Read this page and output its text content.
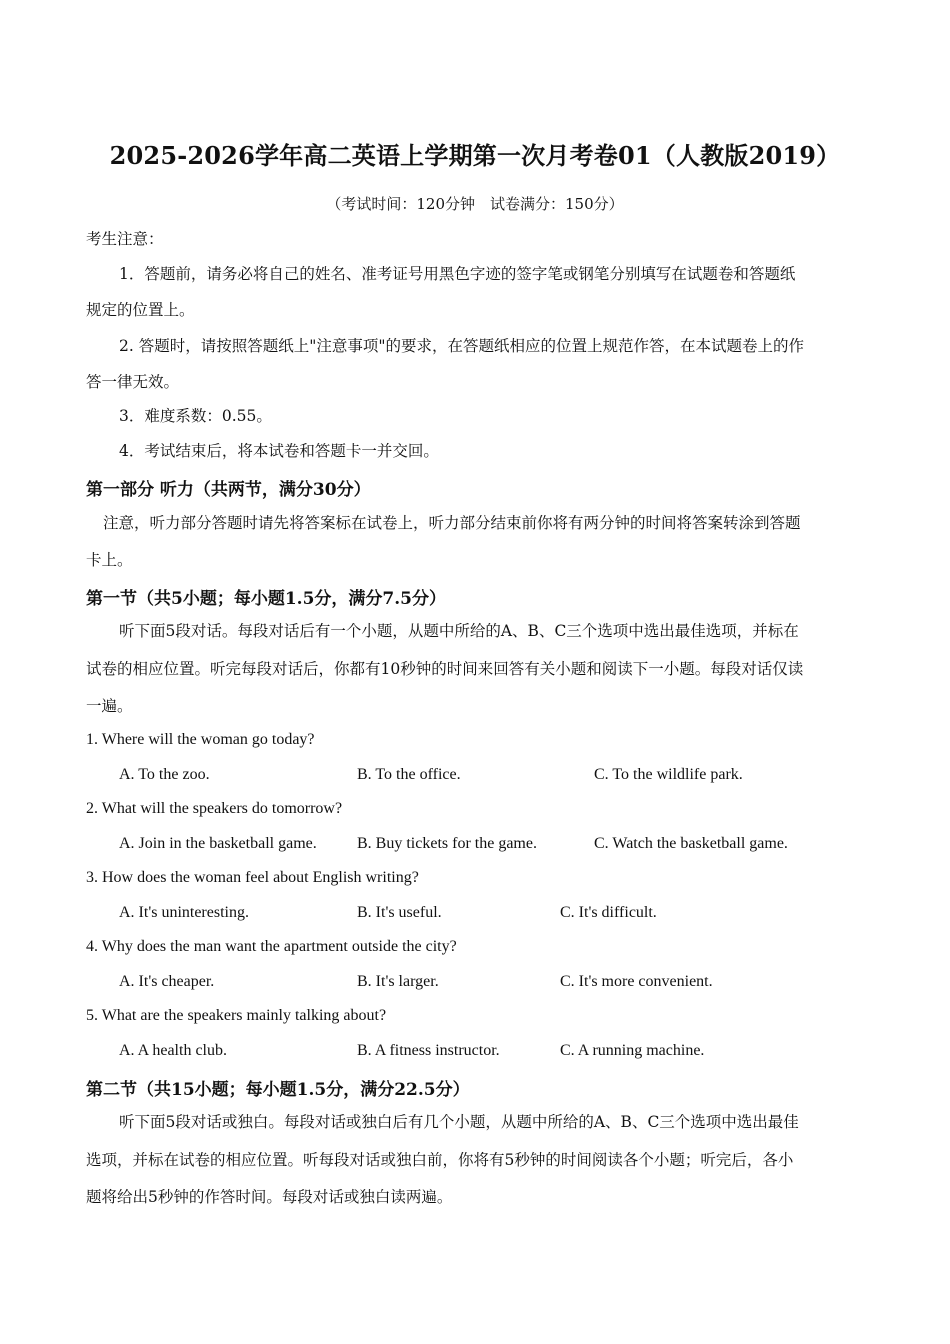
2025-2026学年高二英语上学期第一次月考卷01（人教版2019）
（考试时间：120分钟　试卷满分：150分）
考生注意：
1．答题前，请务必将自己的姓名、准考证号用黑色字迹的签字笔或钢笔分别填写在试题卷和答题纸
规定的位置上。
2. 答题时，请按照答题纸上"注意事项"的要求，在答题纸相应的位置上规范作答，在本试题卷上的作
答一律无效。
3．难度系数：0.55。
4．考试结束后，将本试卷和答题卡一并交回。
第一部分 听力（共两节，满分30分）
注意，听力部分答题时请先将答案标在试卷上，听力部分结束前你将有两分钟的时间将答案转涂到答题
卡上。
第一节（共5小题；每小题1.5分，满分7.5分）
听下面5段对话。每段对话后有一个小题，从题中所给的A、B、C三个选项中选出最佳选项，并标在
试卷的相应位置。听完每段对话后，你都有10秒钟的时间来回答有关小题和阅读下一小题。每段对话仅读
一遍。
1. Where will the woman go today?
A. To the zoo.	B. To the office.	C. To the wildlife park.
2. What will the speakers do tomorrow?
A. Join in the basketball game.	B. Buy tickets for the game.	C. Watch the basketball game.
3. How does the woman feel about English writing?
A. It's uninteresting.	B. It's useful.	C. It's difficult.
4. Why does the man want the apartment outside the city?
A. It's cheaper.	B. It's larger.	C. It's more convenient.
5. What are the speakers mainly talking about?
A. A health club.	B. A fitness instructor.	C. A running machine.
第二节（共15小题；每小题1.5分，满分22.5分）
听下面5段对话或独白。每段对话或独白后有几个小题，从题中所给的A、B、C三个选项中选出最佳
选项，并标在试卷的相应位置。听每段对话或独白前，你将有5秒钟的时间阅读各个小题；听完后，各小
题将给出5秒钟的作答时间。每段对话或独白读两遍。
